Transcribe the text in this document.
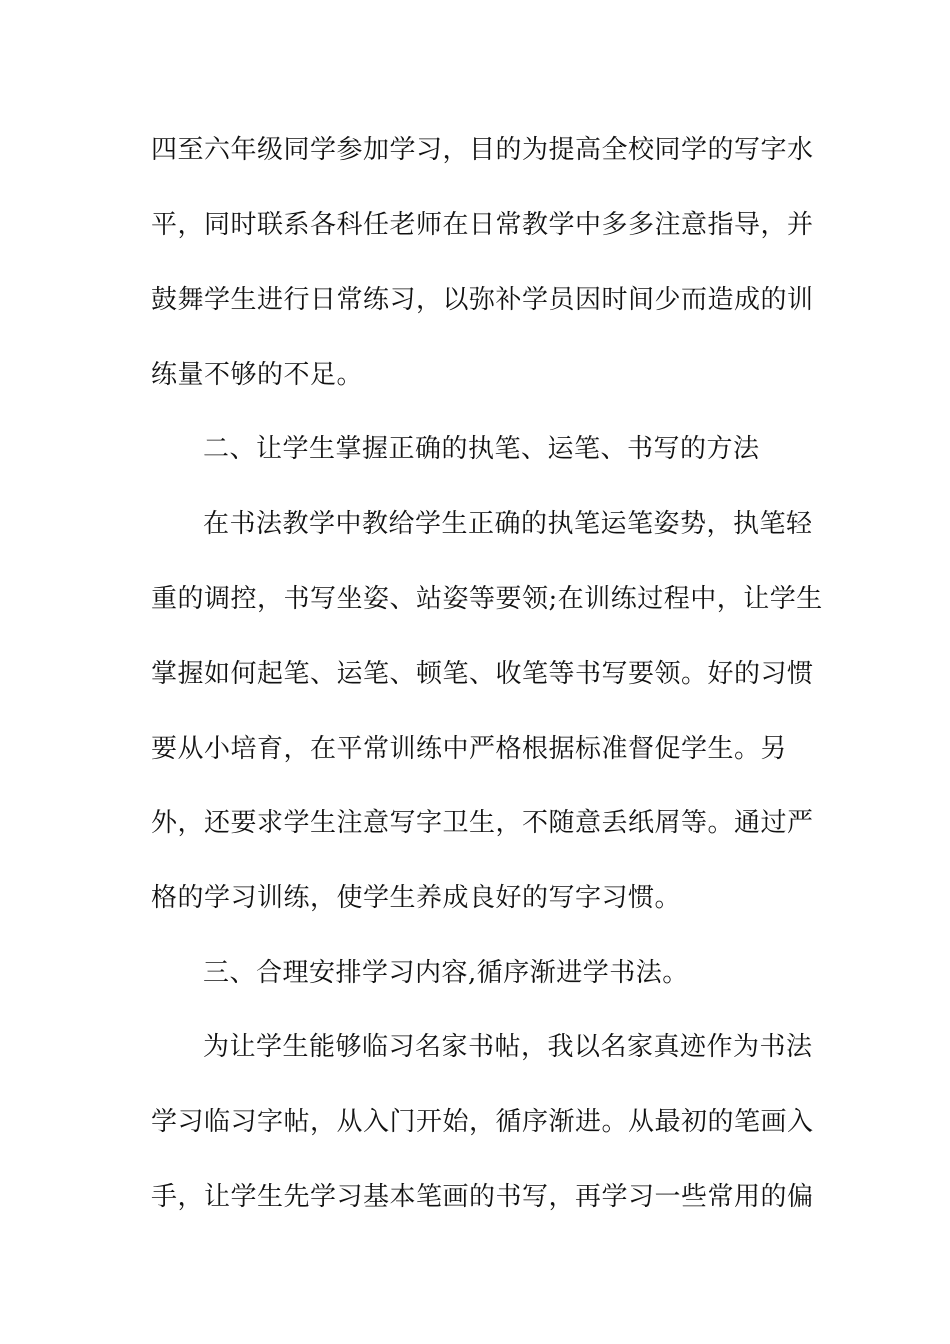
四至六年级同学参加学习，目的为提高全校同学的写字水
平，同时联系各科任老师在日常教学中多多注意指导，并
鼓舞学生进行日常练习，以弥补学员因时间少而造成的训
练量不够的不足。
二、让学生掌握正确的执笔、运笔、书写的方法
在书法教学中教给学生正确的执笔运笔姿势，执笔轻
重的调控，书写坐姿、站姿等要领;在训练过程中，让学生
掌握如何起笔、运笔、顿笔、收笔等书写要领。好的习惯
要从小培育，在平常训练中严格根据标准督促学生。另
外，还要求学生注意写字卫生，不随意丢纸屑等。通过严
格的学习训练，使学生养成良好的写字习惯。
三、合理安排学习内容,循序渐进学书法。
为让学生能够临习名家书帖，我以名家真迹作为书法
学习临习字帖，从入门开始，循序渐进。从最初的笔画入
手，让学生先学习基本笔画的书写，再学习一些常用的偏
